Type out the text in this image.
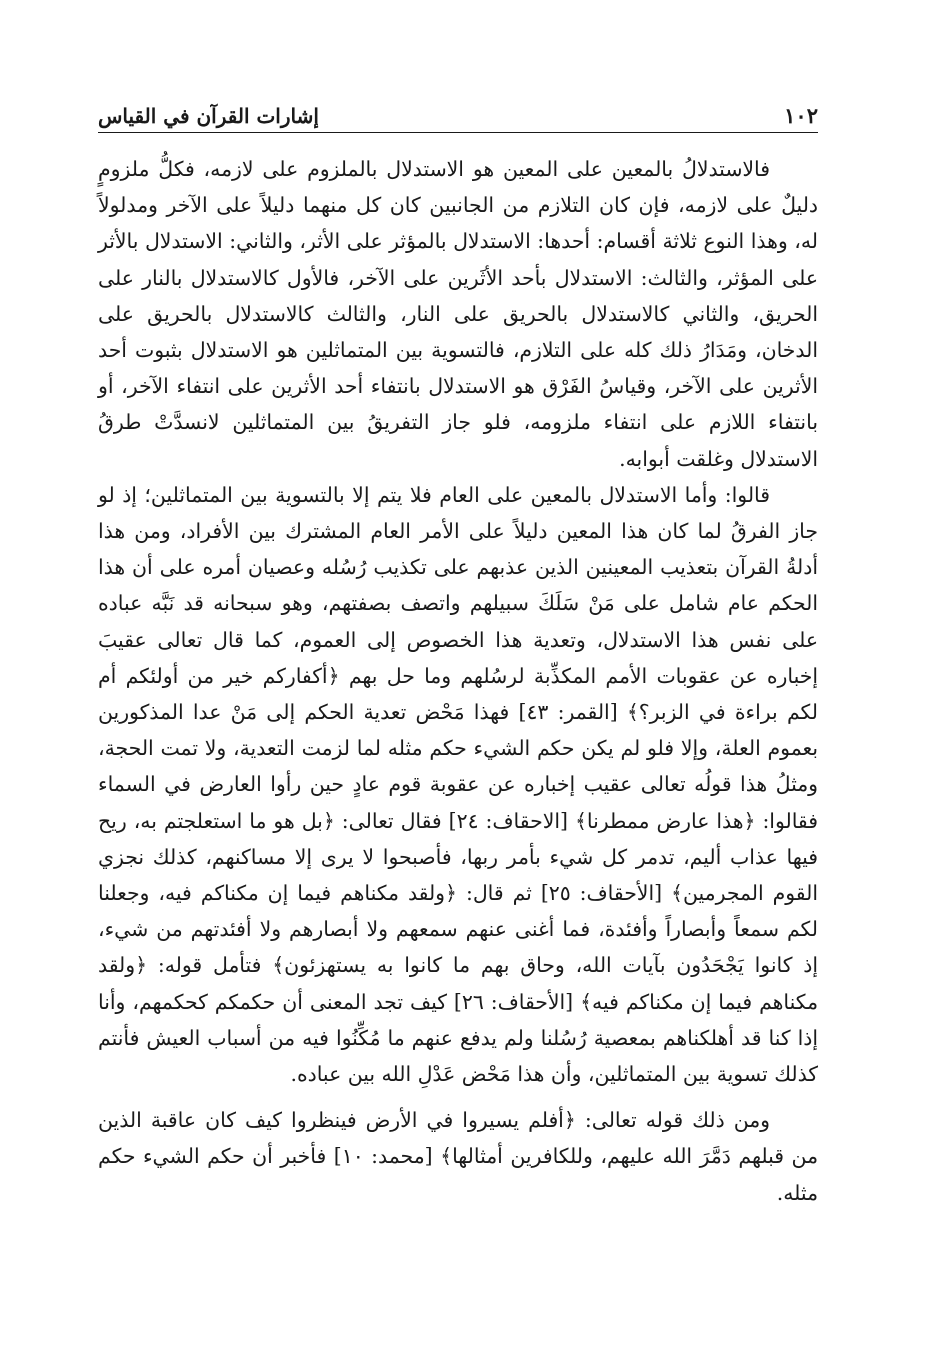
١٠٢
إشارات القرآن في القياس

فالاستدلالُ بالمعين على المعين هو الاستدلال بالملزوم على لازمه، فكلُّ ملزومٍ دليلٌ على لازمه، فإن كان التلازم من الجانبين كان كل منهما دليلاً على الآخر ومدلولاً له، وهذا النوع ثلاثة أقسام: أحدها: الاستدلال بالمؤثر على الأثر، والثاني: الاستدلال بالأثر على المؤثر، والثالث: الاستدلال بأحد الأثَرين على الآخر، فالأول كالاستدلال بالنار على الحريق، والثاني كالاستدلال بالحريق على النار، والثالث كالاستدلال بالحريق على الدخان، ومَدَارُ ذلك كله على التلازم، فالتسوية بين المتماثلين هو الاستدلال بثبوت أحد الأثرين على الآخر، وقياسُ الفَرْق هو الاستدلال بانتفاء أحد الأثرين على انتفاء الآخر، أو بانتفاء اللازم على انتفاء ملزومه، فلو جاز التفريقُ بين المتماثلين لانسدَّتْ طرقُ الاستدلال وغلقت أبوابه.

قالوا: وأما الاستدلال بالمعين على العام فلا يتم إلا بالتسوية بين المتماثلين؛ إذ لو جاز الفرقُ لما كان هذا المعين دليلاً على الأمر العام المشترك بين الأفراد، ومن هذا أدلةُ القرآن بتعذيب المعينين الذين عذبهم على تكذيب رُسُله وعصيان أمره على أن هذا الحكم عام شامل على مَنْ سَلَكَ سبيلهم واتصف بصفتهم، وهو سبحانه قد نَبَّه عباده على نفس هذا الاستدلال، وتعدية هذا الخصوص إلى العموم، كما قال تعالى عقيبَ إخباره عن عقوبات الأمم المكذِّبة لرسُلهم وما حل بهم ﴿أكفاركم خير من أولئكم أم لكم براءة في الزبر؟﴾ [القمر: ٤٣] فهذا مَحْض تعدية الحكم إلى مَنْ عدا المذكورين بعموم العلة، وإلا فلو لم يكن حكم الشيء حكم مثله لما لزمت التعدية، ولا تمت الحجة، ومثلُ هذا قولُه تعالى عقيب إخباره عن عقوبة قوم عادٍ حين رأوا العارض في السماء فقالوا: ﴿هذا عارض ممطرنا﴾ [الاحقاف: ٢٤] فقال تعالى: ﴿بل هو ما استعلجتم به، ريح فيها عذاب أليم، تدمر كل شيء بأمر ربها، فأصبحوا لا يرى إلا مساكنهم، كذلك نجزي القوم المجرمين﴾ [الأحقاف: ٢٥] ثم قال: ﴿ولقد مكناهم فيما إن مكناكم فيه، وجعلنا لكم سمعاً وأبصاراً وأفئدة، فما أغنى عنهم سمعهم ولا أبصارهم ولا أفئدتهم من شيء، إذ كانوا يَجْحَدُون بآيات الله، وحاق بهم ما كانوا به يستهزئون﴾ فتأمل قوله: ﴿ولقد مكناهم فيما إن مكناكم فيه﴾ [الأحقاف: ٢٦] كيف تجد المعنى أن حكمكم كحكمهم، وأنا إذا كنا قد أهلكناهم بمعصية رُسُلنا ولم يدفع عنهم ما مُكِّنُوا فيه من أسباب العيش فأنتم كذلك تسوية بين المتماثلين، وأن هذا مَحْض عَدْلِ الله بين عباده.

ومن ذلك قوله تعالى: ﴿أفلم يسيروا في الأرض فينظروا كيف كان عاقبة الذين من قبلهم دَمَّرَ الله عليهم، وللكافرين أمثالها﴾ [محمد: ١٠] فأخبر أن حكم الشيء حكم مثله.
